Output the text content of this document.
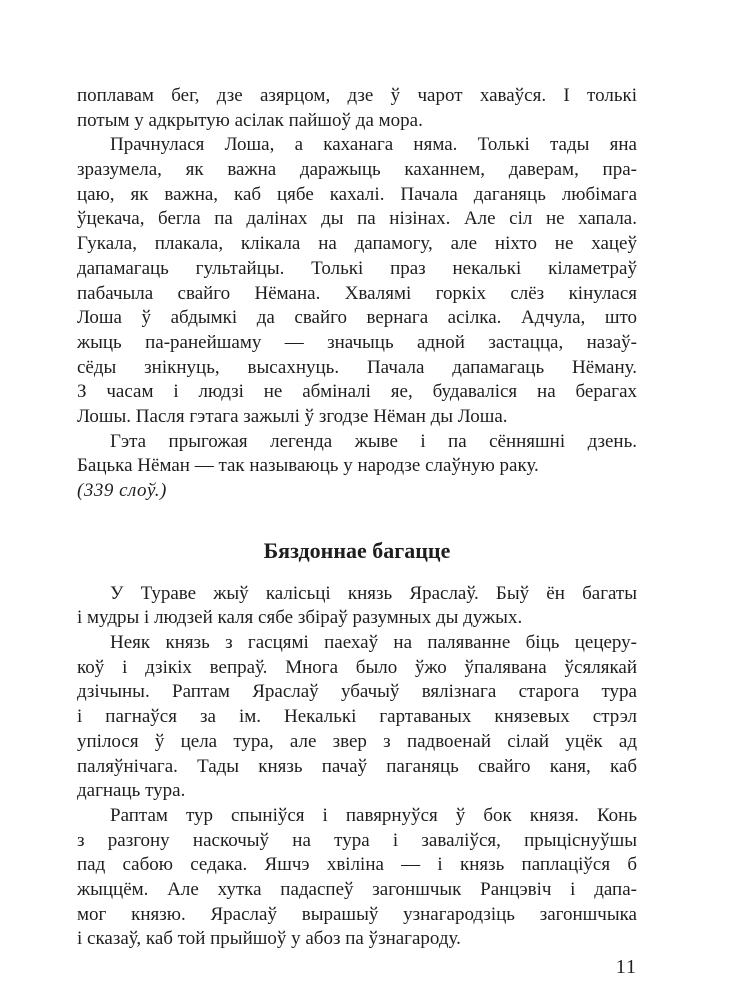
поплавам бег, дзе азярцом, дзе ў чарот хаваўся. І толькі
потым у адкрытую асілак пайшоў да мора.
Прачнулася Лоша, а каханага няма. Толькі тады яна
зразумела, як важна даражыць каханнем, даверам, пра-
цаю, як важна, каб цябе кахалі. Пачала даганяць любімага
ўцекача, бегла па далінах ды па нізінах. Але сіл не хапала.
Гукала, плакала, клікала на дапамогу, але ніхто не хацеў
дапамагаць гультайцы. Толькі праз некалькі кіламетраў
пабачыла свайго Нёмана. Хвалямі горкіх слёз кінулася
Лоша ў абдымкі да свайго вернага асілка. Адчула, што
жыць па-ранейшаму — значыць адной застацца, назаў-
сёды знікнуць, высахнуць. Пачала дапамагаць Нёману.
З часам і людзі не абміналі яе, будаваліся на берагах
Лошы. Пасля гэтага зажылі ў згодзе Нёман ды Лоша.
Гэта прыгожая легенда жыве і па сённяшні дзень.
Бацька Нёман — так называюць у народзе слаўную раку.
(339 слоў.)
Бяздоннае багацце
У Тураве жыў калісьці князь Яраслаў. Быў ён багаты
і мудры і людзей каля сябе збіраў разумных ды дужых.
Неяк князь з гасцямі паехаў на паляванне біць цецеру-
коў і дзікіх вепраў. Многа было ўжо ўпалявана ўсялякай
дзічыны. Раптам Яраслаў убачыў вялізнага старога тура
і пагнаўся за ім. Некалькі гартаваных князевых стрэл
упілося ў цела тура, але звер з падвоенай сілай уцёк ад
паляўнічага. Тады князь пачаў паганяць свайго каня, каб
дагнаць тура.
Раптам тур спыніўся і павярнуўся ў бок князя. Конь
з разгону наскочыў на тура і заваліўся, прыціснуўшы
пад сабою седака. Яшчэ хвіліна — і князь паплаціўся б
жыццём. Але хутка падаспеў загоншчык Ранцэвіч і дапа-
мог князю. Яраслаў вырашыў узнагародзіць загоншчыка
і сказаў, каб той прыйшоў у абоз па ўзнагароду.
11
